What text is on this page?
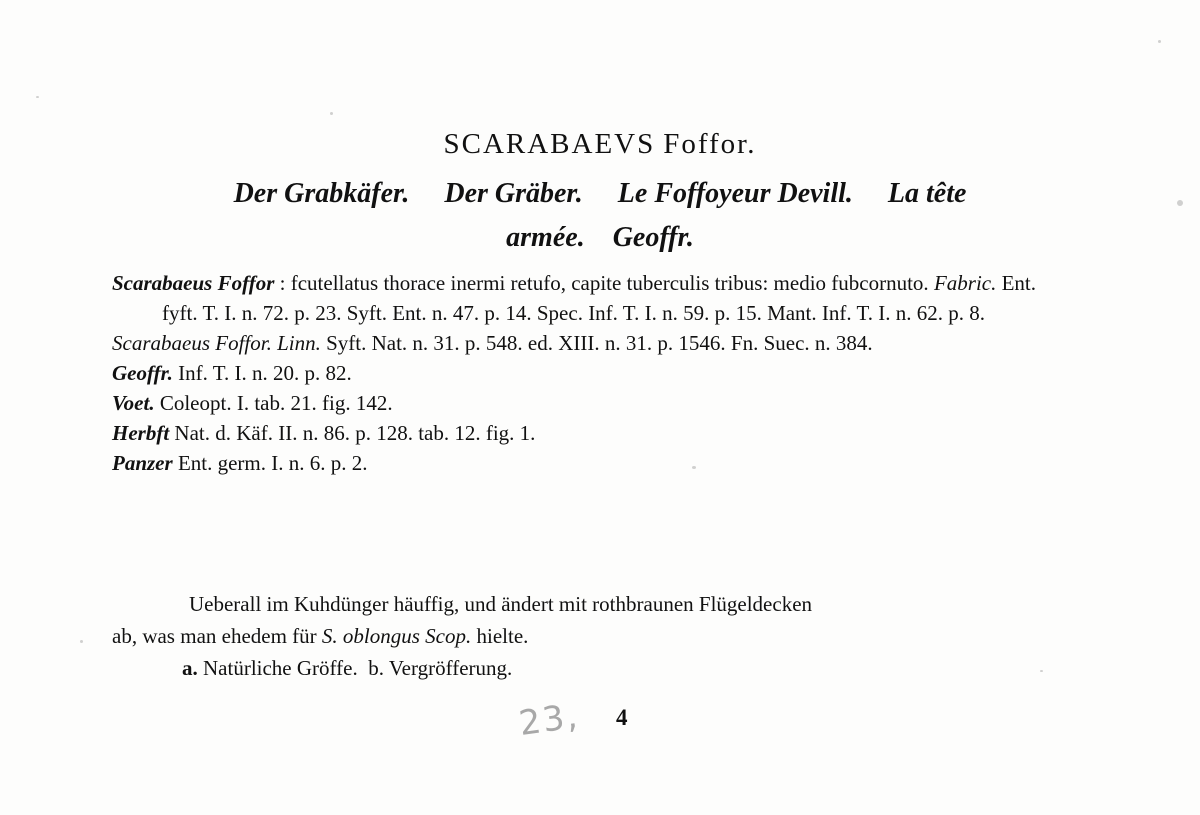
SCARABAEVS Foffor.
Der Grabkäfer. Der Gräber. Le Foffoyeur Devill. La tête
armée. Geoffr.

Scarabaeus Foffor : fcutellatus thorace inermi retufo, capite tuberculis tribus: medio fubcornuto. Fabric. Ent. fyft. T. I. n. 72. p. 23. Syft. Ent. n. 47. p. 14. Spec. Inf. T. I. n. 59. p. 15. Mant. Inf. T. I. n. 62. p. 8.

Scarabaeus Foffor. Linn. Syft. Nat. n. 31. p. 548. ed. XIII. n. 31. p. 1546. Fn. Suec. n. 384.

Geoffr. Inf. T. I. n. 20. p. 82.

Voet. Coleopt. I. tab. 21. fig. 142.

Herbft Nat. d. Käf. II. n. 86. p. 128. tab. 12. fig. 1.

Panzer Ent. germ. I. n. 6. p. 2.

Ueberall im Kuhdünger häuffig, und ändert mit rothbraunen Flügeldecken

ab, was man ehedem für S. oblongus Scop. hielte.

a. Natürliche Gröffe. b. Vergröfferung.

23, 4
